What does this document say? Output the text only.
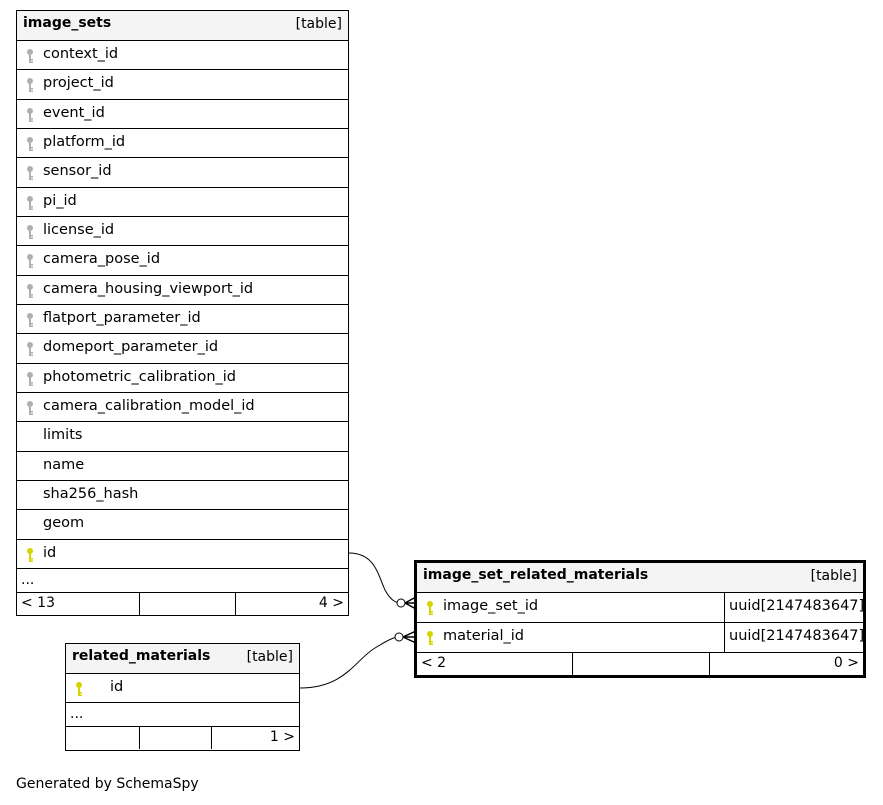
image_sets	[table]
context_id
project_id
event_id
platform_id
sensor_id
pi_id
license_id
camera_pose_id
camera_housing_viewport_id
flatport_parameter_id
domeport_parameter_id
photometric_calibration_id
camera_calibration_model_id
limits
name
sha256_hash
geom
id
...
< 13	4 >
image_set_related_materials	[table]
image_set_id	uuid[2147483647]
material_id	uuid[2147483647]
< 2	0 >
related_materials	[table]
id
...
1 >
Generated by SchemaSpy
